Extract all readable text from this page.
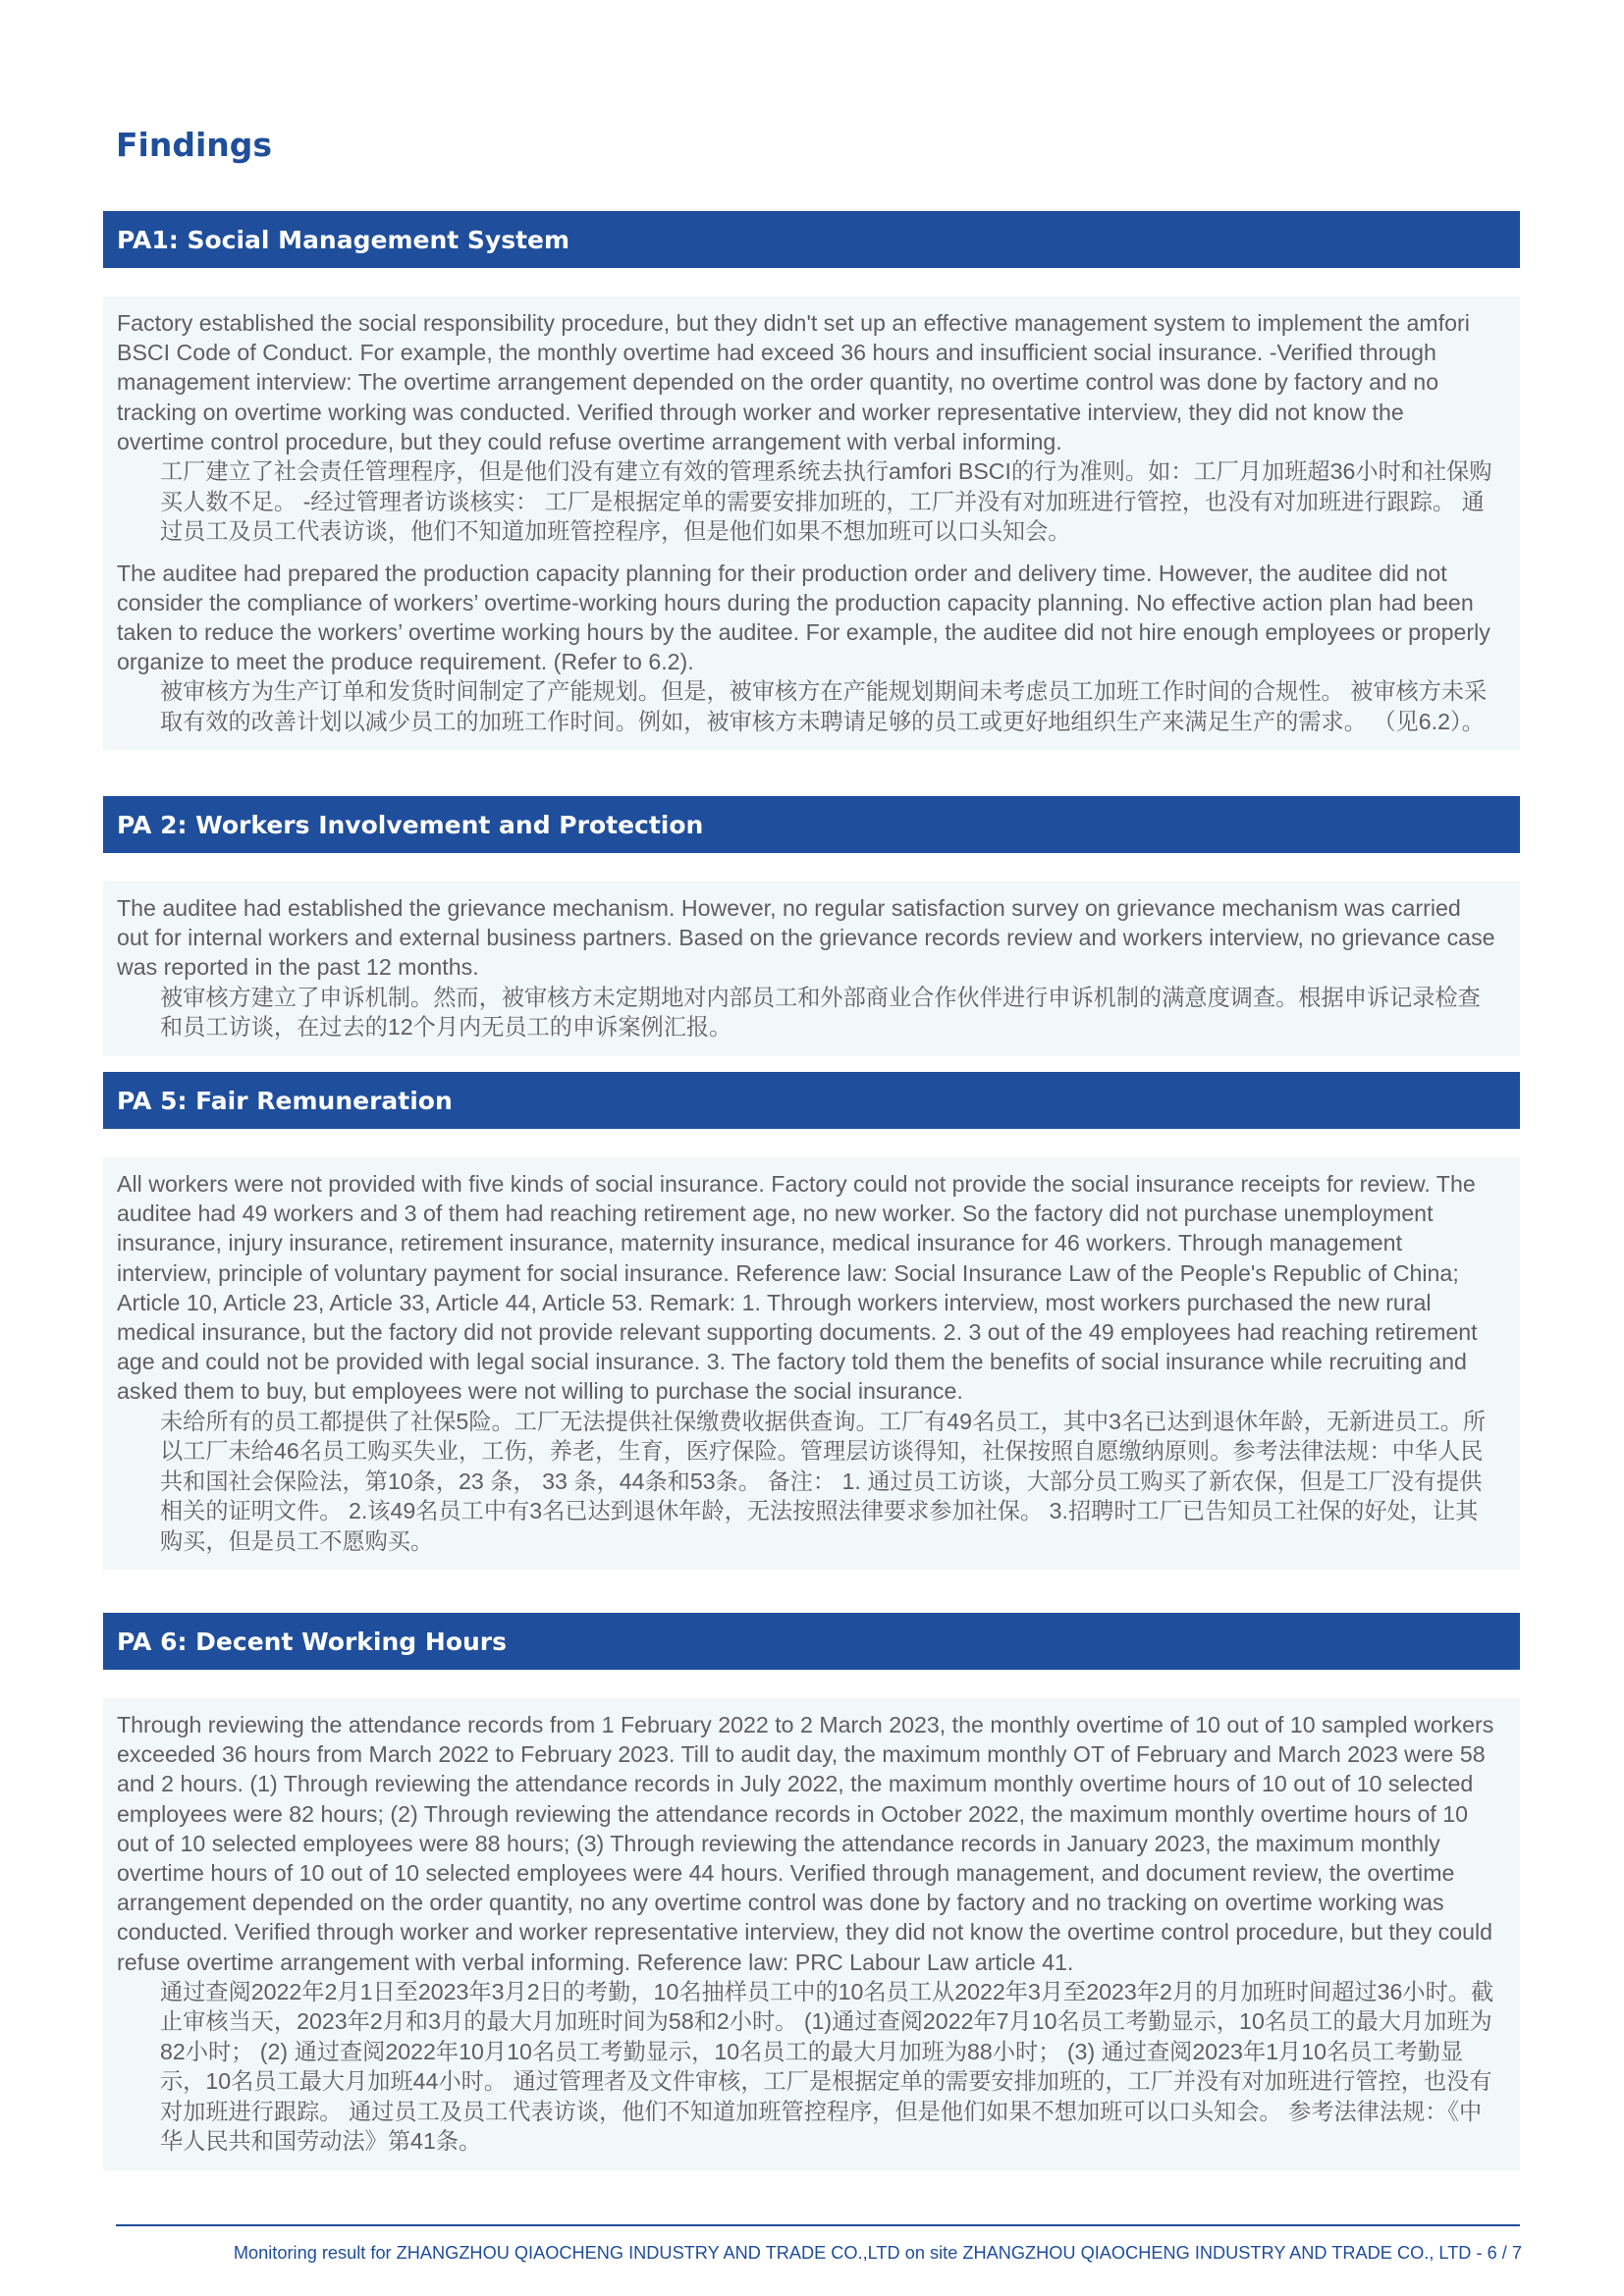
Findings
PA1: Social Management System

Factory established the social responsibility procedure, but they didn't set up an effective management system to implement the amfori BSCI Code of Conduct. For example, the monthly overtime had exceed 36 hours and insufficient social insurance. -Verified through management interview: The overtime arrangement depended on the order quantity, no overtime control was done by factory and no tracking on overtime working was conducted. Verified through worker and worker representative interview, they did not know the overtime control procedure, but they could refuse overtime arrangement with verbal informing.

工厂建立了社会责任管理程序，但是他们没有建立有效的管理系统去执行amfori BSCI的行为准则。如：工厂月加班超36小时和社保购买人数不足。 -经过管理者访谈核实： 工厂是根据定单的需要安排加班的，工厂并没有对加班进行管控，也没有对加班进行跟踪。 通过员工及员工代表访谈，他们不知道加班管控程序，但是他们如果不想加班可以口头知会。

The auditee had prepared the production capacity planning for their production order and delivery time. However, the auditee did not consider the compliance of workers’ overtime-working hours during the production capacity planning. No effective action plan had been taken to reduce the workers’ overtime working hours by the auditee. For example, the auditee did not hire enough employees or properly organize to meet the produce requirement. (Refer to 6.2).

被审核方为生产订单和发货时间制定了产能规划。但是，被审核方在产能规划期间未考虑员工加班工作时间的合规性。 被审核方未采取有效的改善计划以减少员工的加班工作时间。例如，被审核方未聘请足够的员工或更好地组织生产来满足生产的需求。 （见6.2）。

PA 2: Workers Involvement and Protection

The auditee had established the grievance mechanism. However, no regular satisfaction survey on grievance mechanism was carried out for internal workers and external business partners. Based on the grievance records review and workers interview, no grievance case was reported in the past 12 months.

被审核方建立了申诉机制。然而，被审核方未定期地对内部员工和外部商业合作伙伴进行申诉机制的满意度调查。根据申诉记录检查和员工访谈，在过去的12个月内无员工的申诉案例汇报。

PA 5: Fair Remuneration

All workers were not provided with five kinds of social insurance. Factory could not provide the social insurance receipts for review. The auditee had 49 workers and 3 of them had reaching retirement age, no new worker. So the factory did not purchase unemployment insurance, injury insurance, retirement insurance, maternity insurance, medical insurance for 46 workers. Through management interview, principle of voluntary payment for social insurance. Reference law: Social Insurance Law of the People's Republic of China; Article 10, Article 23, Article 33, Article 44, Article 53. Remark: 1. Through workers interview, most workers purchased the new rural medical insurance, but the factory did not provide relevant supporting documents. 2. 3 out of the 49 employees had reaching retirement age and could not be provided with legal social insurance. 3. The factory told them the benefits of social insurance while recruiting and asked them to buy, but employees were not willing to purchase the social insurance.

未给所有的员工都提供了社保5险。工厂无法提供社保缴费收据供查询。工厂有49名员工，其中3名已达到退休年龄，无新进员工。所以工厂未给46名员工购买失业，工伤，养老，生育，医疗保险。管理层访谈得知，社保按照自愿缴纳原则。参考法律法规：中华人民共和国社会保险法，第10条，23 条， 33 条，44条和53条。 备注： 1. 通过员工访谈，大部分员工购买了新农保，但是工厂没有提供相关的证明文件。 2.该49名员工中有3名已达到退休年龄，无法按照法律要求参加社保。 3.招聘时工厂已告知员工社保的好处，让其购买，但是员工不愿购买。

PA 6: Decent Working Hours

Through reviewing the attendance records from 1 February 2022 to 2 March 2023, the monthly overtime of 10 out of 10 sampled workers exceeded 36 hours from March 2022 to February 2023. Till to audit day, the maximum monthly OT of February and March 2023 were 58 and 2 hours. (1) Through reviewing the attendance records in July 2022, the maximum monthly overtime hours of 10 out of 10 selected employees were 82 hours; (2) Through reviewing the attendance records in October 2022, the maximum monthly overtime hours of 10 out of 10 selected employees were 88 hours; (3) Through reviewing the attendance records in January 2023, the maximum monthly overtime hours of 10 out of 10 selected employees were 44 hours. Verified through management, and document review, the overtime arrangement depended on the order quantity, no any overtime control was done by factory and no tracking on overtime working was conducted. Verified through worker and worker representative interview, they did not know the overtime control procedure, but they could refuse overtime arrangement with verbal informing. Reference law: PRC Labour Law article 41.

通过查阅2022年2月1日至2023年3月2日的考勤，10名抽样员工中的10名员工从2022年3月至2023年2月的月加班时间超过36小时。截止审核当天，2023年2月和3月的最大月加班时间为58和2小时。 (1)通过查阅2022年7月10名员工考勤显示，10名员工的最大月加班为82小时； (2) 通过查阅2022年10月10名员工考勤显示，10名员工的最大月加班为88小时； (3) 通过查阅2023年1月10名员工考勤显示，10名员工最大月加班44小时。 通过管理者及文件审核，工厂是根据定单的需要安排加班的，工厂并没有对加班进行管控，也没有对加班进行跟踪。 通过员工及员工代表访谈，他们不知道加班管控程序，但是他们如果不想加班可以口头知会。 参考法律法规：《中华人民共和国劳动法》第41条。

Monitoring result for ZHANGZHOU QIAOCHENG INDUSTRY AND TRADE CO.,LTD on site ZHANGZHOU QIAOCHENG INDUSTRY AND TRADE CO., LTD - 6 / 7
